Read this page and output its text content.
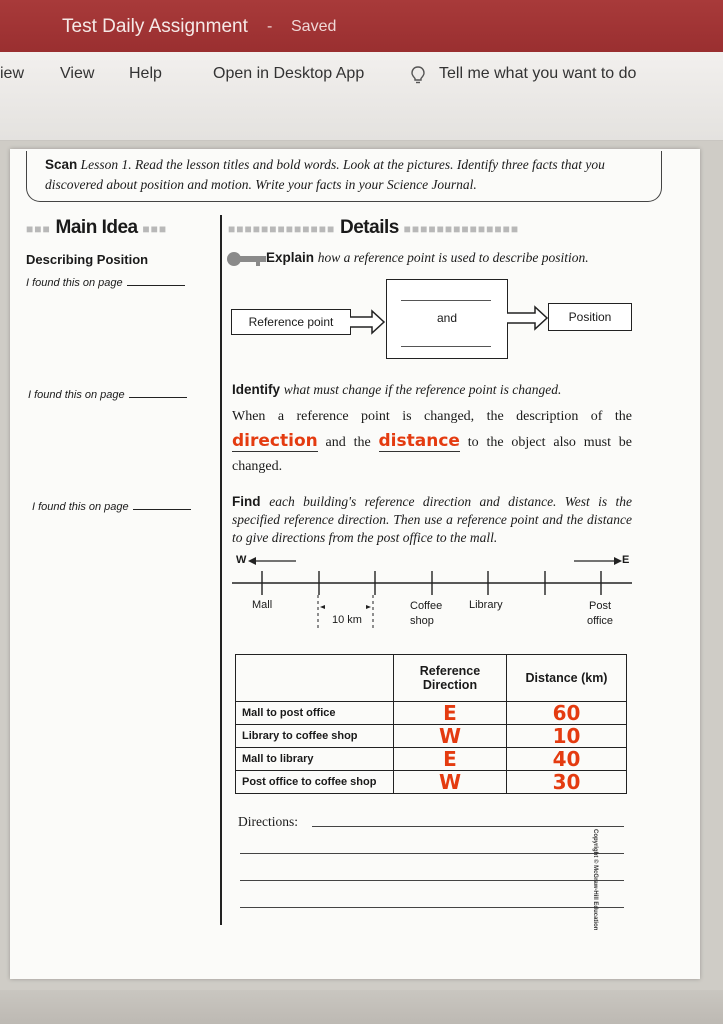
Test Daily Assignment - Saved
iew View Help	Open in Desktop App	Tell me what you want to do
Scan Lesson 1. Read the lesson titles and bold words. Look at the pictures. Identify three facts that you discovered about position and motion. Write your facts in your Science Journal.
■■■ Main Idea ■■■	■■■■■■■■■■■■■ Details ■■■■■■■■■■■■■■
Describing Position
I found this on page
I found this on page
I found this on page
Explain how a reference point is used to describe position.
Reference point	and	Position
Identify what must change if the reference point is changed.
When a reference point is changed, the description of the direction and the distance to the object also must be changed.
Find each building's reference direction and distance. West is the specified reference direction. Then use a reference point and the distance to give directions from the post office to the mall.
W	E
Mall
10 km
Coffee shop
Library	Post office
	Reference Direction	Distance (km)
Mall to post office	E	60
Library to coffee shop	W	10
Mall to library	E	40
Post office to coffee shop	W	30
Directions:
Copyright © McGraw-Hill Education
